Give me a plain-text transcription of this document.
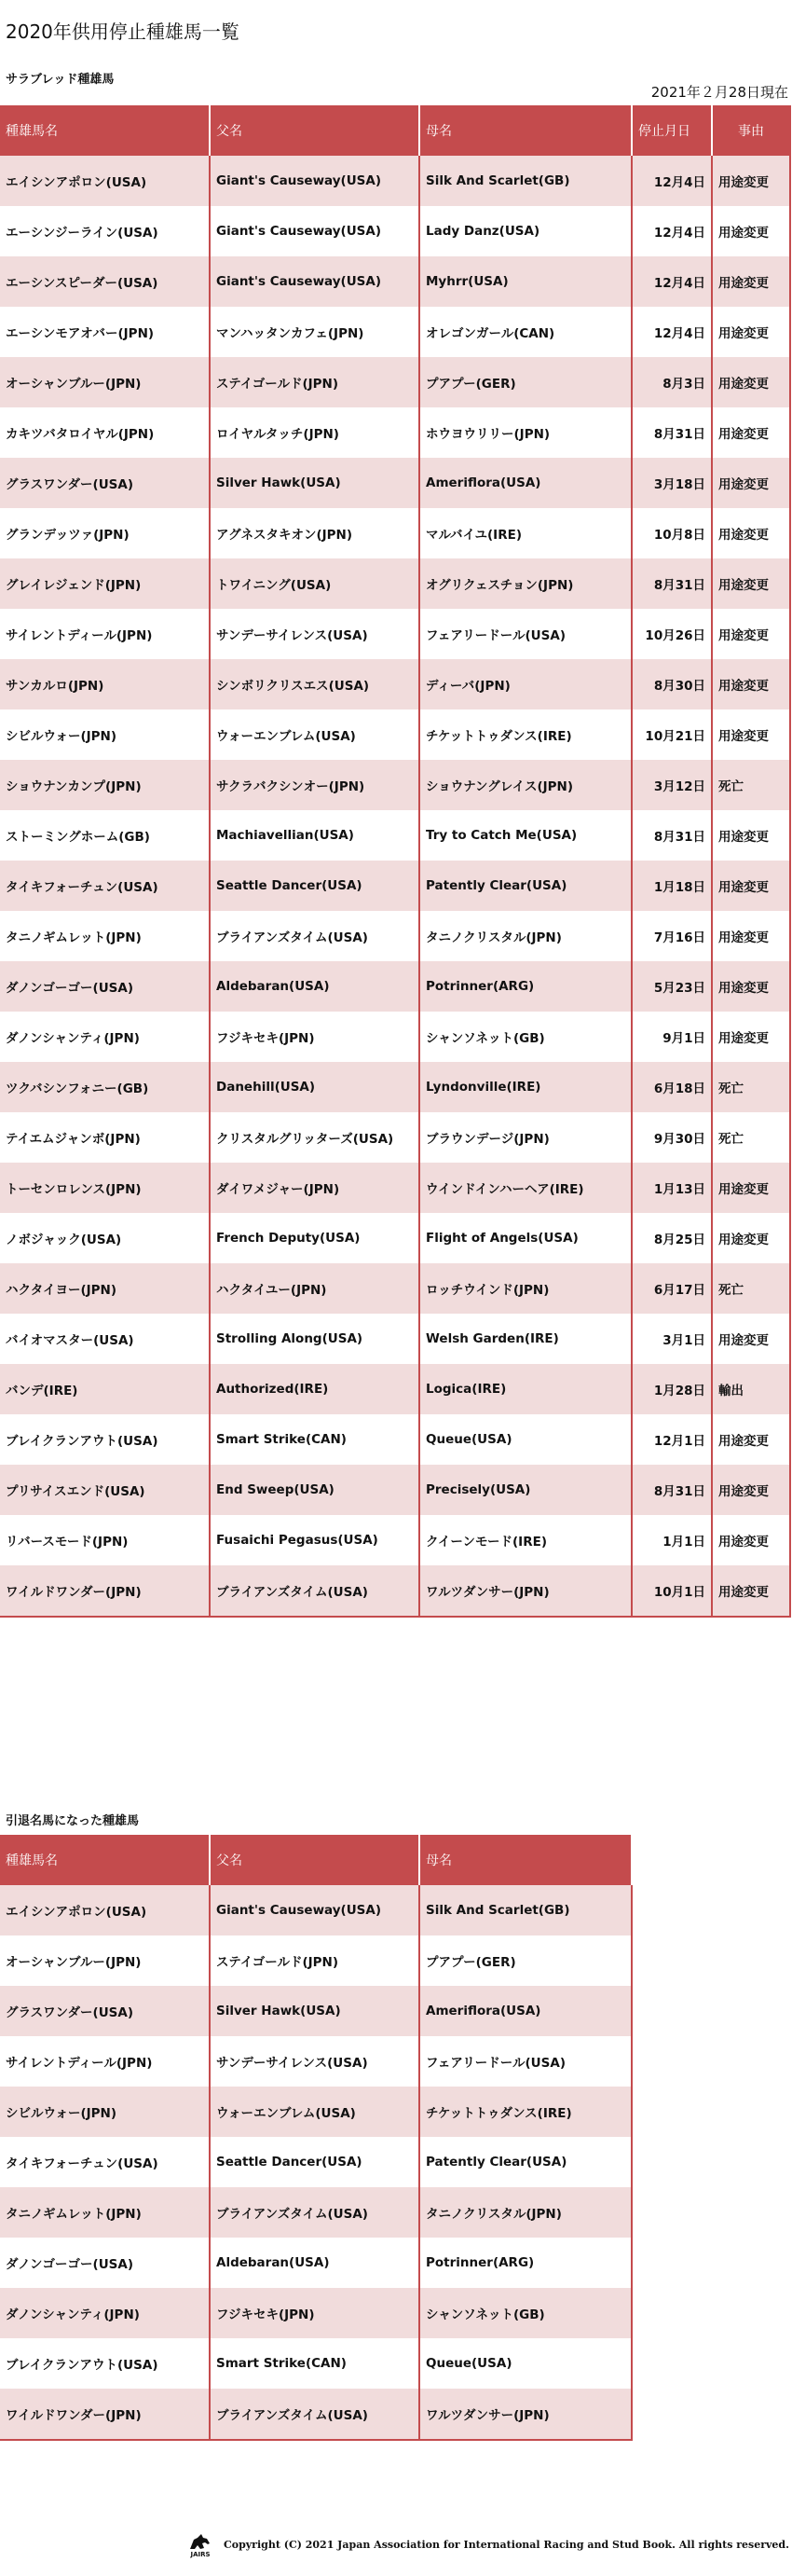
2020年供用停止種雄馬一覧
サラブレッド種雄馬
2021年２月28日現在
種雄馬名	父名	母名	停止月日	事由
エイシンアポロン(USA)	Giant's Causeway(USA)	Silk And Scarlet(GB)	12月4日	用途変更
エーシンジーライン(USA)	Giant's Causeway(USA)	Lady Danz(USA)	12月4日	用途変更
エーシンスピーダー(USA)	Giant's Causeway(USA)	Myhrr(USA)	12月4日	用途変更
エーシンモアオバー(JPN)	マンハッタンカフェ(JPN)	オレゴンガール(CAN)	12月4日	用途変更
オーシャンブルー(JPN)	ステイゴールド(JPN)	プアプー(GER)	8月3日	用途変更
カキツバタロイヤル(JPN)	ロイヤルタッチ(JPN)	ホウヨウリリー(JPN)	8月31日	用途変更
グラスワンダー(USA)	Silver Hawk(USA)	Ameriflora(USA)	3月18日	用途変更
グランデッツァ(JPN)	アグネスタキオン(JPN)	マルバイユ(IRE)	10月8日	用途変更
グレイレジェンド(JPN)	トワイニング(USA)	オグリクェスチョン(JPN)	8月31日	用途変更
サイレントディール(JPN)	サンデーサイレンス(USA)	フェアリードール(USA)	10月26日	用途変更
サンカルロ(JPN)	シンボリクリスエス(USA)	ディーバ(JPN)	8月30日	用途変更
シビルウォー(JPN)	ウォーエンブレム(USA)	チケットトゥダンス(IRE)	10月21日	用途変更
ショウナンカンプ(JPN)	サクラバクシンオー(JPN)	ショウナングレイス(JPN)	3月12日	死亡
ストーミングホーム(GB)	Machiavellian(USA)	Try to Catch Me(USA)	8月31日	用途変更
タイキフォーチュン(USA)	Seattle Dancer(USA)	Patently Clear(USA)	1月18日	用途変更
タニノギムレット(JPN)	ブライアンズタイム(USA)	タニノクリスタル(JPN)	7月16日	用途変更
ダノンゴーゴー(USA)	Aldebaran(USA)	Potrinner(ARG)	5月23日	用途変更
ダノンシャンティ(JPN)	フジキセキ(JPN)	シャンソネット(GB)	9月1日	用途変更
ツクバシンフォニー(GB)	Danehill(USA)	Lyndonville(IRE)	6月18日	死亡
テイエムジャンボ(JPN)	クリスタルグリッターズ(USA)	ブラウンデージ(JPN)	9月30日	死亡
トーセンロレンス(JPN)	ダイワメジャー(JPN)	ウインドインハーヘア(IRE)	1月13日	用途変更
ノボジャック(USA)	French Deputy(USA)	Flight of Angels(USA)	8月25日	用途変更
ハクタイヨー(JPN)	ハクタイユー(JPN)	ロッチウインド(JPN)	6月17日	死亡
バイオマスター(USA)	Strolling Along(USA)	Welsh Garden(IRE)	3月1日	用途変更
バンデ(IRE)	Authorized(IRE)	Logica(IRE)	1月28日	輸出
ブレイクランアウト(USA)	Smart Strike(CAN)	Queue(USA)	12月1日	用途変更
プリサイスエンド(USA)	End Sweep(USA)	Precisely(USA)	8月31日	用途変更
リバースモード(JPN)	Fusaichi Pegasus(USA)	クイーンモード(IRE)	1月1日	用途変更
ワイルドワンダー(JPN)	ブライアンズタイム(USA)	ワルツダンサー(JPN)	10月1日	用途変更
引退名馬になった種雄馬
種雄馬名	父名	母名
エイシンアポロン(USA)	Giant's Causeway(USA)	Silk And Scarlet(GB)
オーシャンブルー(JPN)	ステイゴールド(JPN)	プアプー(GER)
グラスワンダー(USA)	Silver Hawk(USA)	Ameriflora(USA)
サイレントディール(JPN)	サンデーサイレンス(USA)	フェアリードール(USA)
シビルウォー(JPN)	ウォーエンブレム(USA)	チケットトゥダンス(IRE)
タイキフォーチュン(USA)	Seattle Dancer(USA)	Patently Clear(USA)
タニノギムレット(JPN)	ブライアンズタイム(USA)	タニノクリスタル(JPN)
ダノンゴーゴー(USA)	Aldebaran(USA)	Potrinner(ARG)
ダノンシャンティ(JPN)	フジキセキ(JPN)	シャンソネット(GB)
ブレイクランアウト(USA)	Smart Strike(CAN)	Queue(USA)
ワイルドワンダー(JPN)	ブライアンズタイム(USA)	ワルツダンサー(JPN)
JAIRS
Copyright (C) 2021 Japan Association for International Racing and Stud Book. All rights reserved.
